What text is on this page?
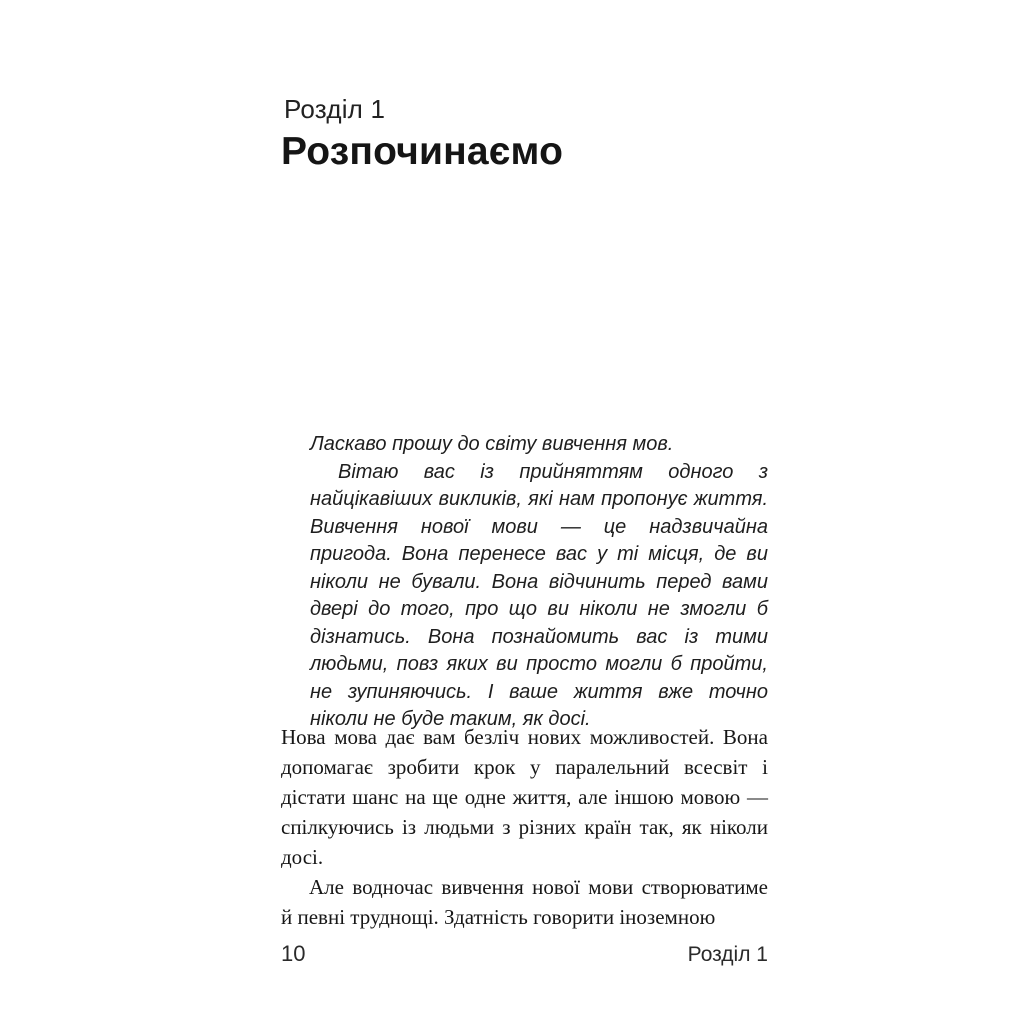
Розділ 1
Розпочинаємо

Ласкаво прошу до світу вивчення мов.

Вітаю вас із прийняттям одного з найцікавіших викликів, які нам пропонує життя. Вивчення нової мови — це надзвичайна пригода. Вона перенесе вас у ті місця, де ви ніколи не бували. Вона відчинить перед вами двері до того, про що ви ніколи не змогли б дізнатись. Вона познайомить вас із тими людьми, повз яких ви просто могли б пройти, не зупиняючись. І ваше життя вже точно ніколи не буде таким, як досі.

Нова мова дає вам безліч нових можливостей. Вона допомагає зробити крок у паралельний всесвіт і дістати шанс на ще одне життя, але іншою мовою — спілкуючись із людьми з різних країн так, як ніколи досі.

Але водночас вивчення нової мови створюватиме й певні труднощі. Здатність говорити іноземною

10	Розділ 1
